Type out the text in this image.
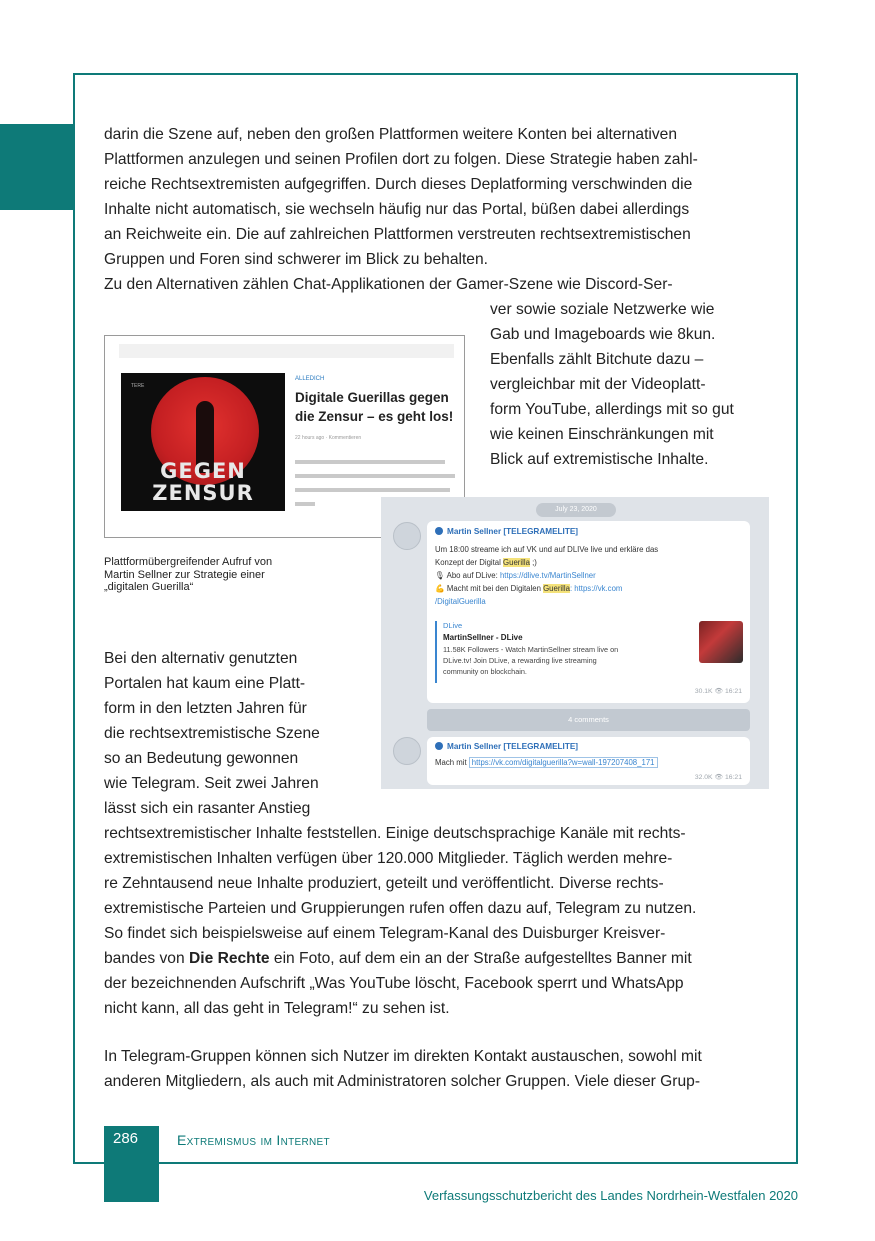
darin die Szene auf, neben den großen Plattformen weitere Konten bei alternativen
Plattformen anzulegen und seinen Profilen dort zu folgen. Diese Strategie haben zahl-
reiche Rechtsextremisten aufgegriffen. Durch dieses Deplatforming verschwinden die
Inhalte nicht automatisch, sie wechseln häufig nur das Portal, büßen dabei allerdings
an Reichweite ein. Die auf zahlreichen Plattformen verstreuten rechtsextremistischen
Gruppen und Foren sind schwerer im Blick zu behalten.
Zu den Alternativen zählen Chat-Applikationen der Gamer-Szene wie Discord-Ser-
ver sowie soziale Netzwerke wie
Gab und Imageboards wie 8kun.
Ebenfalls zählt Bitchute dazu –
vergleichbar mit der Videoplatt-
form YouTube, allerdings mit so gut
wie keinen Einschränkungen mit
Blick auf extremistische Inhalte.
TERE
GEGEN
ZENSUR
ALLEDICH
Digitale Guerillas gegen die Zensur – es geht los!
22 hours ago · Kommentieren
Plattformübergreifender Aufruf von
Martin Sellner zur Strategie einer
„digitalen Guerilla“
July 23, 2020
Martin Sellner [TELEGRAMELITE]
Um 18:00 streame ich auf VK und auf DLIVe live und erkläre das
Konzept der Digital Guerilla ;)
🎙 Abo auf DLive: https://dlive.tv/MartinSellner
💪 Macht mit bei den Digitalen Guerilla: https://vk.com
/DigitalGuerilla
DLive
MartinSellner - DLive
11.58K Followers - Watch MartinSellner stream live on
DLive.tv! Join DLive, a rewarding live streaming
community on blockchain.
30.1K 👁 16:21
4 comments
Martin Sellner [TELEGRAMELITE]
Mach mit https://vk.com/digitalguerilla?w=wall-197207408_171
32.0K 👁 16:21
Bei den alternativ genutzten
Portalen hat kaum eine Platt-
form in den letzten Jahren für
die rechtsextremistische Szene
so an Bedeutung gewonnen
wie Telegram. Seit zwei Jahren
lässt sich ein rasanter Anstieg
rechtsextremistischer Inhalte feststellen. Einige deutschsprachige Kanäle mit rechts-
extremistischen Inhalten verfügen über 120.000 Mitglieder. Täglich werden mehre-
re Zehntausend neue Inhalte produziert, geteilt und veröffentlicht. Diverse rechts-
extremistische Parteien und Gruppierungen rufen offen dazu auf, Telegram zu nutzen.
So findet sich beispielsweise auf einem Telegram-Kanal des Duisburger Kreisver-
bandes von Die Rechte ein Foto, auf dem ein an der Straße aufgestelltes Banner mit
der bezeichnenden Aufschrift „Was YouTube löscht, Facebook sperrt und WhatsApp
nicht kann, all das geht in Telegram!“ zu sehen ist.
In Telegram-Gruppen können sich Nutzer im direkten Kontakt austauschen, sowohl mit
anderen Mitgliedern, als auch mit Administratoren solcher Gruppen. Viele dieser Grup-
286	Extremismus im Internet
Verfassungsschutzbericht des Landes Nordrhein-Westfalen 2020
